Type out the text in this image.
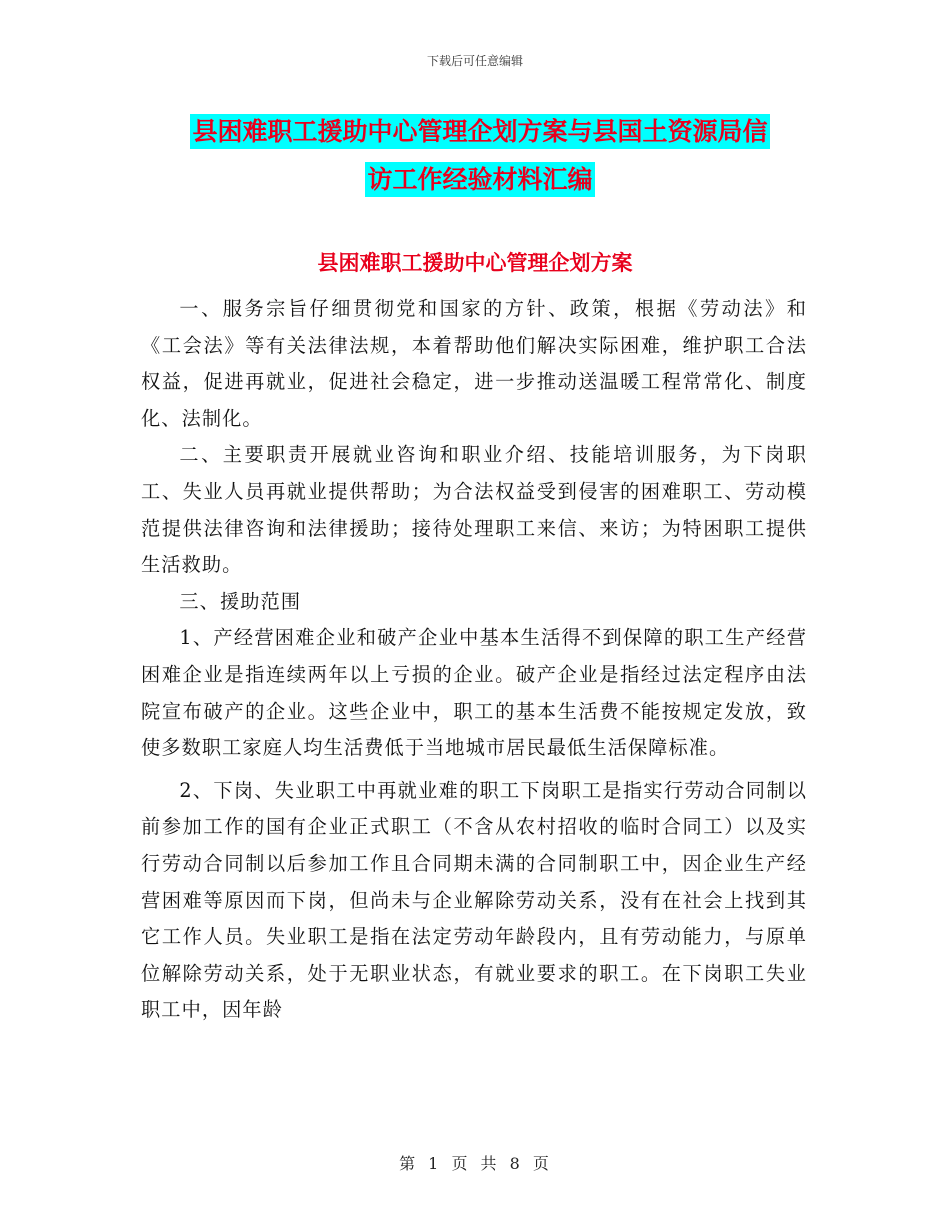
下载后可任意编辑
县困难职工援助中心管理企划方案与县国土资源局信
访工作经验材料汇编
县困难职工援助中心管理企划方案

一、服务宗旨仔细贯彻党和国家的方针、政策，根据《劳动法》和《工会法》等有关法律法规，本着帮助他们解决实际困难，维护职工合法权益，促进再就业，促进社会稳定，进一步推动送温暖工程常常化、制度化、法制化。

二、主要职责开展就业咨询和职业介绍、技能培训服务，为下岗职工、失业人员再就业提供帮助；为合法权益受到侵害的困难职工、劳动模范提供法律咨询和法律援助；接待处理职工来信、来访；为特困职工提供生活救助。

三、援助范围

1、产经营困难企业和破产企业中基本生活得不到保障的职工生产经营困难企业是指连续两年以上亏损的企业。破产企业是指经过法定程序由法院宣布破产的企业。这些企业中，职工的基本生活费不能按规定发放，致使多数职工家庭人均生活费低于当地城市居民最低生活保障标准。

2、下岗、失业职工中再就业难的职工下岗职工是指实行劳动合同制以前参加工作的国有企业正式职工（不含从农村招收的临时合同工）以及实行劳动合同制以后参加工作且合同期未满的合同制职工中，因企业生产经营困难等原因而下岗，但尚未与企业解除劳动关系，没有在社会上找到其它工作人员。失业职工是指在法定劳动年龄段内，且有劳动能力，与原单位解除劳动关系，处于无职业状态，有就业要求的职工。在下岗职工失业职工中，因年龄

第 1 页 共 8 页
